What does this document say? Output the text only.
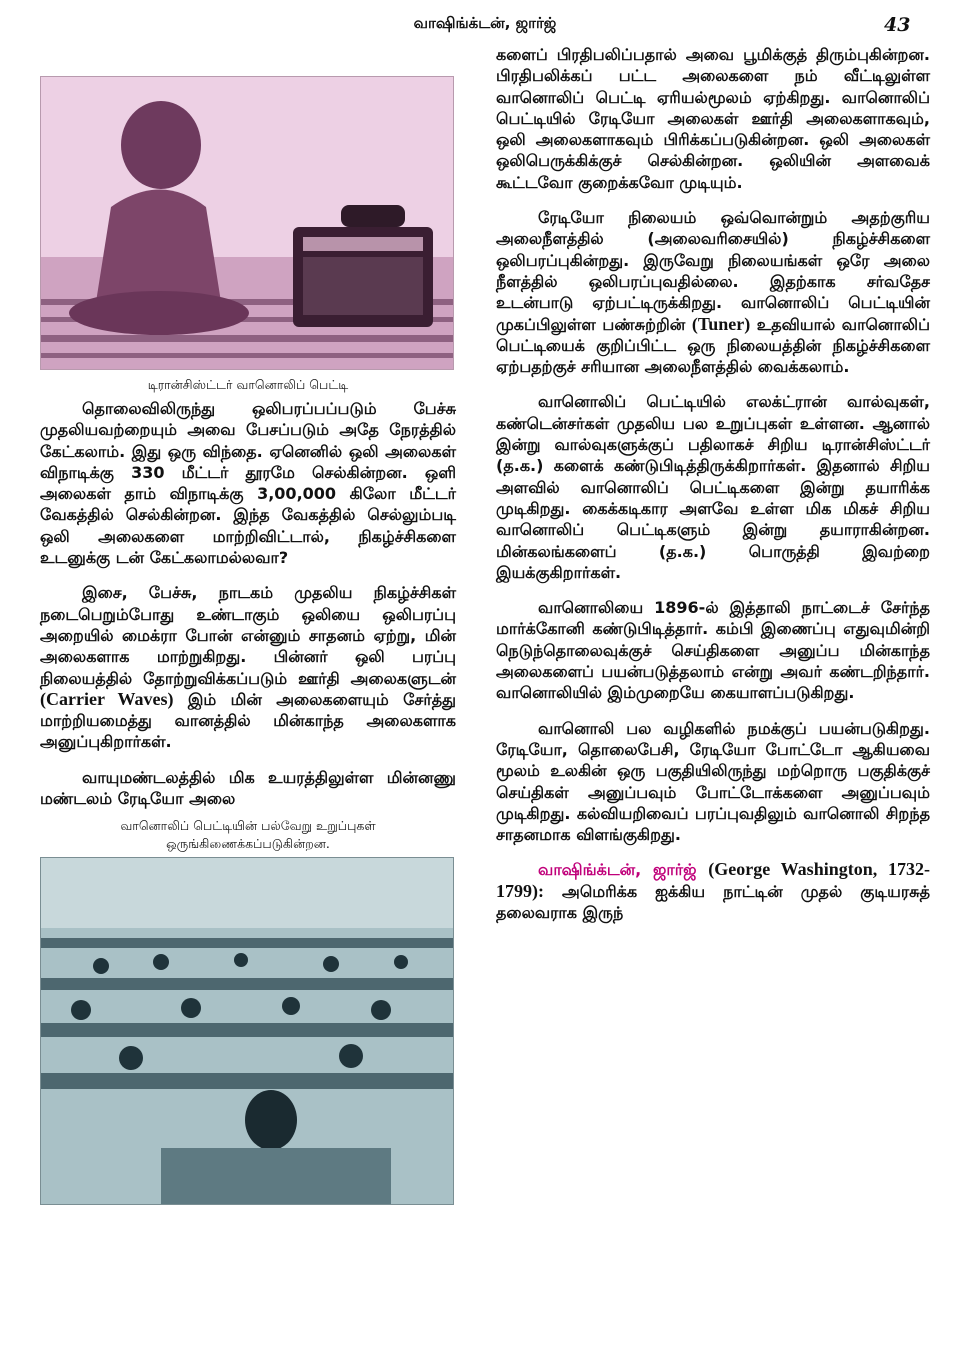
வாஷிங்க்டன், ஜார்ஜ்	43
டிரான்சிஸ்ட்டர் வானொலிப் பெட்டி

தொலைவிலிருந்து ஒலிபரப்பப்படும் பேச்சு முதலியவற்றையும் அவை பேசப்படும் அதே நேரத்தில் கேட்கலாம். இது ஒரு விந்தை. ஏனெனில் ஒலி அலைகள் விநாடிக்கு 330 மீட்டர் தூரமே செல்கின்றன. ஒளி அலைகள் தாம் விநாடிக்கு 3,00,000 கிலோ மீட்டர் வேகத்தில் செல்கின்றன. இந்த வேகத்தில் செல்லும்படி ஒலி அலைகளை மாற்றிவிட்டால், நிகழ்ச்சிகளை உடனுக்கு டன் கேட்கலாமல்லவா?

இசை, பேச்சு, நாடகம் முதலிய நிகழ்ச்சிகள் நடைபெறும்போது உண்டாகும் ஒலியை ஒலிபரப்பு அறையில் மைக்ரா போன் என்னும் சாதனம் ஏற்று, மின் அலைகளாக மாற்றுகிறது. பின்னர் ஒலி பரப்பு நிலையத்தில் தோற்றுவிக்கப்படும் ஊர்தி அலைகளுடன் (Carrier Waves) இம் மின் அலைகளையும் சேர்த்து மாற்றியமைத்து வானத்தில் மின்காந்த அலைகளாக அனுப்புகிறார்கள்.

வாயுமண்டலத்தில் மிக உயரத்திலுள்ள மின்னணு மண்டலம் ரேடியோ அலை

வானொலிப் பெட்டியின் பல்வேறு உறுப்புகள்
ஒருங்கிணைக்கப்படுகின்றன.

களைப் பிரதிபலிப்பதால் அவை பூமிக்குத் திரும்புகின்றன. பிரதிபலிக்கப் பட்ட அலைகளை நம் வீட்டிலுள்ள வானொலிப் பெட்டி ஏரியல்மூலம் ஏற்கிறது. வானொலிப் பெட்டியில் ரேடியோ அலைகள் ஊர்தி அலைகளாகவும், ஒலி அலைகளாகவும் பிரிக்கப்படுகின்றன. ஒலி அலைகள் ஒலிபெருக்கிக்குச் செல்கின்றன. ஒலியின் அளவைக் கூட்டவோ குறைக்கவோ முடியும்.

ரேடியோ நிலையம் ஒவ்வொன்றும் அதற்குரிய அலைநீளத்தில் (அலைவரிசையில்) நிகழ்ச்சிகளை ஒலிபரப்புகின்றது. இருவேறு நிலையங்கள் ஒரே அலை நீளத்தில் ஒலிபரப்புவதில்லை. இதற்காக சர்வதேச உடன்பாடு ஏற்பட்டிருக்கிறது. வானொலிப் பெட்டியின் முகப்பிலுள்ள பண்சுற்றின் (Tuner) உதவியால் வானொலிப் பெட்டியைக் குறிப்பிட்ட ஒரு நிலையத்தின் நிகழ்ச்சிகளை ஏற்பதற்குச் சரியான அலைநீளத்தில் வைக்கலாம்.

வானொலிப் பெட்டியில் எலக்ட்ரான் வால்வுகள், கண்டென்சர்கள் முதலிய பல உறுப்புகள் உள்ளன. ஆனால் இன்று வால்வுகளுக்குப் பதிலாகச் சிறிய டிரான்சிஸ்ட்டர் (த.க.) களைக் கண்டுபிடித்திருக்கிறார்கள். இதனால் சிறிய அளவில் வானொலிப் பெட்டிகளை இன்று தயாரிக்க முடிகிறது. கைக்கடிகார அளவே உள்ள மிக மிகச் சிறிய வானொலிப் பெட்டிகளும் இன்று தயாராகின்றன. மின்கலங்களைப் (த.க.) பொருத்தி இவற்றை இயக்குகிறார்கள்.

வானொலியை 1896-ல் இத்தாலி நாட்டைச் சேர்ந்த மார்க்கோனி கண்டுபிடித்தார். கம்பி இணைப்பு எதுவுமின்றி நெடுந்தொலைவுக்குச் செய்திகளை அனுப்ப மின்காந்த அலைகளைப் பயன்படுத்தலாம் என்று அவர் கண்டறிந்தார். வானொலியில் இம்முறையே கையாளப்படுகிறது.

வானொலி பல வழிகளில் நமக்குப் பயன்படுகிறது. ரேடியோ, தொலைபேசி, ரேடியோ போட்டோ ஆகியவை மூலம் உலகின் ஒரு பகுதியிலிருந்து மற்றொரு பகுதிக்குச் செய்திகள் அனுப்பவும் போட்டோக்களை அனுப்பவும் முடிகிறது. கல்வியறிவைப் பரப்புவதிலும் வானொலி சிறந்த சாதனமாக விளங்குகிறது.

வாஷிங்க்டன், ஜார்ஜ் (George Washington, 1732-1799): அமெரிக்க ஐக்கிய நாட்டின் முதல் குடியரசுத் தலைவராக இருந்
